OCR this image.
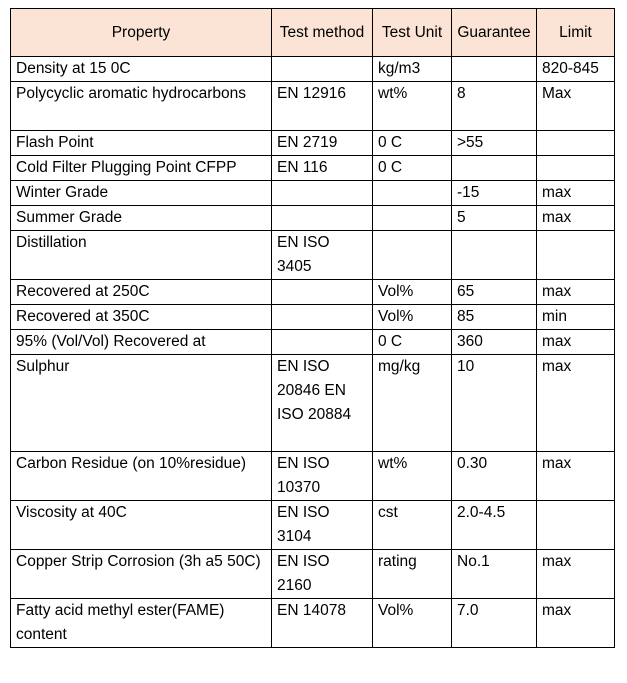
Property	Test method	Test Unit	Guarantee	Limit
Density at 15 0C		kg/m3		820-845
Polycyclic aromatic hydrocarbons	EN 12916	wt%	8	Max
Flash Point	EN 2719	0 C	>55	
Cold Filter Plugging Point CFPP	EN 116	0 C		
Winter Grade			-15	max
Summer Grade			5	max
Distillation	EN ISO 3405			
Recovered at 250C		Vol%	65	max
Recovered at 350C		Vol%	85	min
95% (Vol/Vol) Recovered at		0 C	360	max
Sulphur	EN ISO 20846 EN ISO 20884	mg/kg	10	max
Carbon Residue (on 10%residue)	EN ISO 10370	wt%	0.30	max
Viscosity at 40C	EN ISO 3104	cst	2.0-4.5	
Copper Strip Corrosion (3h a5 50C)	EN ISO 2160	rating	No.1	max
Fatty acid methyl ester(FAME) content	EN 14078	Vol%	7.0	max
